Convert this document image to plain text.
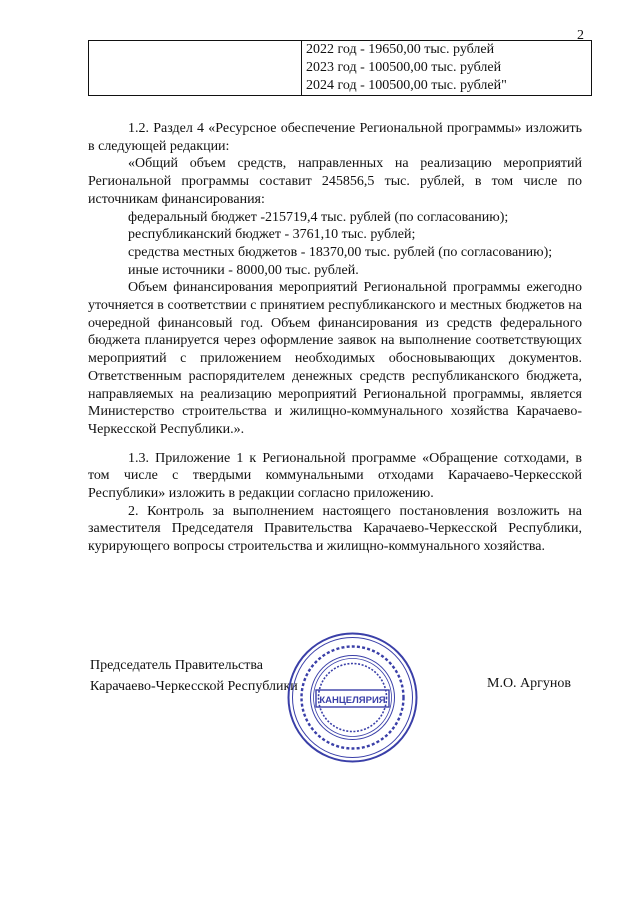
2

2022 год - 19650,00 тыс. рублей
2023 год - 100500,00 тыс. рублей
2024 год - 100500,00 тыс. рублей"

1.2. Раздел 4 «Ресурсное обеспечение Региональной программы» изложить в следующей редакции:

«Общий объем средств, направленных на реализацию мероприятий Региональной программы составит 245856,5 тыс. рублей, в том числе по источникам финансирования:

федеральный бюджет -215719,4 тыс. рублей (по согласованию);

республиканский бюджет - 3761,10 тыс. рублей;

средства местных бюджетов - 18370,00 тыс. рублей (по согласованию);

иные источники - 8000,00 тыс. рублей.

Объем финансирования мероприятий Региональной программы ежегодно уточняется в соответствии с принятием республиканского и местных бюджетов на очередной финансовый год. Объем финансирования из средств федерального бюджета планируется через оформление заявок на выполнение соответствующих мероприятий с приложением необходимых обосновывающих документов. Ответственным распорядителем денежных средств республиканского бюджета, направляемых на реализацию мероприятий Региональной программы, является Министерство строительства и жилищно-коммунального хозяйства Карачаево-Черкесской Республики.».

1.3. Приложение 1 к Региональной программе «Обращение сотходами, в том числе с твердыми коммунальными отходами Карачаево-Черкесской Республики» изложить в редакции согласно приложению.

2. Контроль за выполнением настоящего постановления возложить на заместителя Председателя Правительства Карачаево-Черкесской Республики, курирующего вопросы строительства и жилищно-коммунального хозяйства.

Председатель Правительства
Карачаево-Черкесской Республики	М.О. Аргунов
КАНЦЕЛЯРИЯ
